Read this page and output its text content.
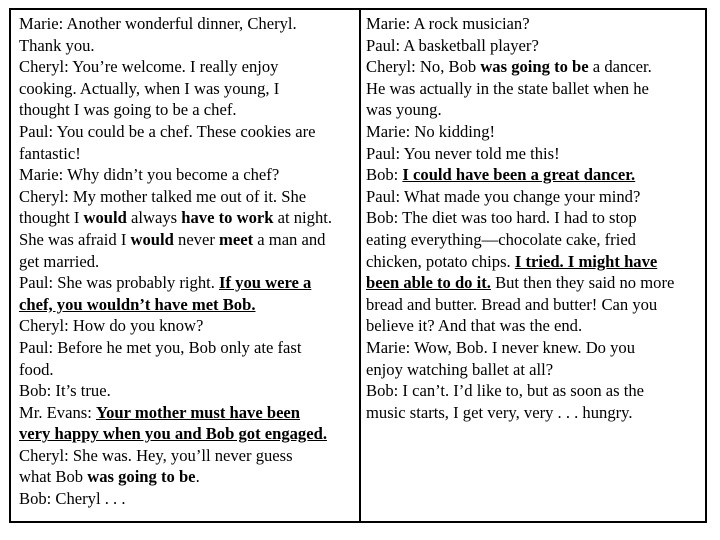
Marie: Another wonderful dinner, Cheryl.
Thank you.
Cheryl: You’re welcome. I really enjoy
cooking. Actually, when I was young, I
thought I was going to be a chef.
Paul: You could be a chef. These cookies are
fantastic!
Marie: Why didn’t you become a chef?
Cheryl: My mother talked me out of it. She
thought I would always have to work at night.
She was afraid I would never meet a man and
get married.
Paul: She was probably right. If you were a
chef, you wouldn’t have met Bob.
Cheryl: How do you know?
Paul: Before he met you, Bob only ate fast
food.
Bob: It’s true.
Mr. Evans: Your mother must have been
very happy when you and Bob got engaged.
Cheryl: She was. Hey, you’ll never guess
what Bob was going to be.
Bob: Cheryl . . .
Marie: A rock musician?
Paul: A basketball player?
Cheryl: No, Bob was going to be a dancer.
He was actually in the state ballet when he
was young.
Marie: No kidding!
Paul: You never told me this!
Bob: I could have been a great dancer.
Paul: What made you change your mind?
Bob: The diet was too hard. I had to stop
eating everything—chocolate cake, fried
chicken, potato chips. I tried. I might have
been able to do it. But then they said no more
bread and butter. Bread and butter! Can you
believe it? And that was the end.
Marie: Wow, Bob. I never knew. Do you
enjoy watching ballet at all?
Bob: I can’t. I’d like to, but as soon as the
music starts, I get very, very . . . hungry.
